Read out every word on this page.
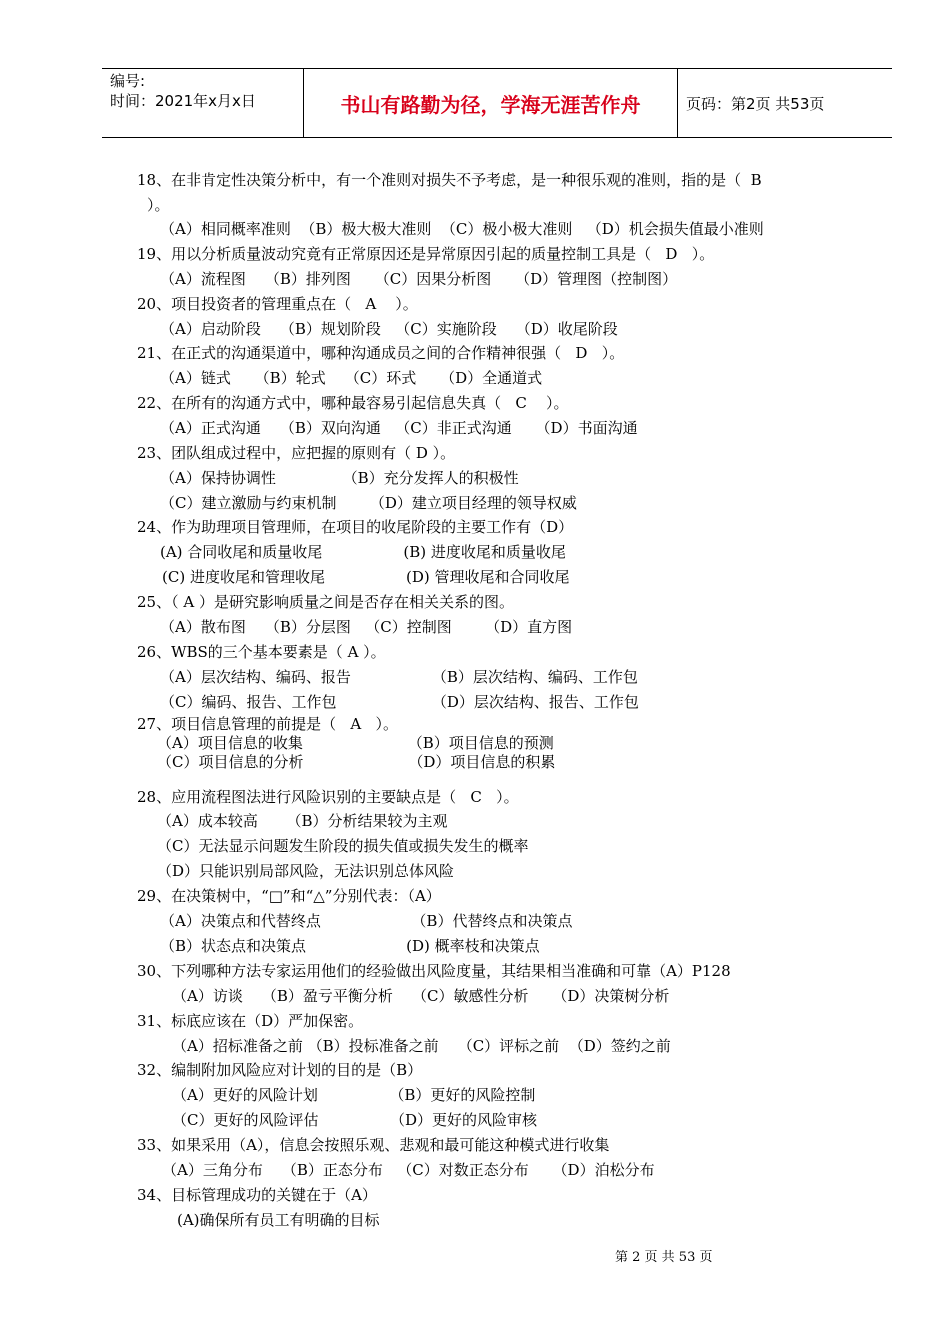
编号:
时间：2021年x月x日	书山有路勤为径，学海无涯苦作舟	页码：第2页 共53页
18、在非肯定性决策分析中，有一个准则对损失不予考虑，是一种很乐观的准则，指的是（  B
）。
（A）相同概率准则  （B）极大极大准则  （C）极小极大准则   （D）机会损失值最小准则
19、用以分析质量波动究竟有正常原因还是异常原因引起的质量控制工具是（   D   ）。
（A）流程图    （B）排列图     （C）因果分析图     （D）管理图（控制图）
20、项目投资者的管理重点在（   A    ）。
（A）启动阶段    （B）规划阶段   （C）实施阶段    （D）收尾阶段
21、在正式的沟通渠道中，哪种沟通成员之间的合作精神很强（   D   ）。
（A）链式     （B）轮式    （C）环式     （D）全通道式
22、在所有的沟通方式中，哪种最容易引起信息失真（   C    ）。
（A）正式沟通    （B）双向沟通   （C）非正式沟通     （D）书面沟通
23、团队组成过程中，应把握的原则有（ D ）。
（A）保持协调性              （B）充分发挥人的积极性
（C）建立激励与约束机制       （D）建立项目经理的领导权威
24、作为助理项目管理师，在项目的收尾阶段的主要工作有（D）
(A) 合同收尾和质量收尾                 (B) 进度收尾和质量收尾
(C) 进度收尾和管理收尾                 (D) 管理收尾和合同收尾
25、（ A ）是研究影响质量之间是否存在相关关系的图。
（A）散布图    （B）分层图   （C）控制图       （D）直方图
26、WBS的三个基本要素是（ A ）。
（A）层次结构、编码、报告                 （B）层次结构、编码、工作包
（C）编码、报告、工作包                    （D）层次结构、报告、工作包
27、项目信息管理的前提是（   A   ）。
（A）项目信息的收集                      （B）项目信息的预测
（C）项目信息的分析                      （D）项目信息的积累
28、应用流程图法进行风险识别的主要缺点是（   C   ）。
（A）成本较高      （B）分析结果较为主观
（C）无法显示问题发生阶段的损失值或损失发生的概率
（D）只能识别局部风险，无法识别总体风险
29、在决策树中，“□”和“△”分别代表：（A）
（A）决策点和代替终点                   （B）代替终点和决策点
（B）状态点和决策点                     (D) 概率枝和决策点
30、下列哪种方法专家运用他们的经验做出风险度量，其结果相当准确和可靠（A）P128
（A）访谈    （B）盈亏平衡分析    （C）敏感性分析     （D）决策树分析
31、标底应该在（D）严加保密。
（A）招标准备之前 （B）投标准备之前    （C）评标之前  （D）签约之前
32、编制附加风险应对计划的目的是（B）
（A）更好的风险计划               （B）更好的风险控制
（C）更好的风险评估               （D）更好的风险审核
33、如果采用（A），信息会按照乐观、悲观和最可能这种模式进行收集
（A）三角分布    （B）正态分布   （C）对数正态分布     （D）泊松分布
34、目标管理成功的关键在于（A）
(A)确保所有员工有明确的目标
第 2 页 共 53 页
